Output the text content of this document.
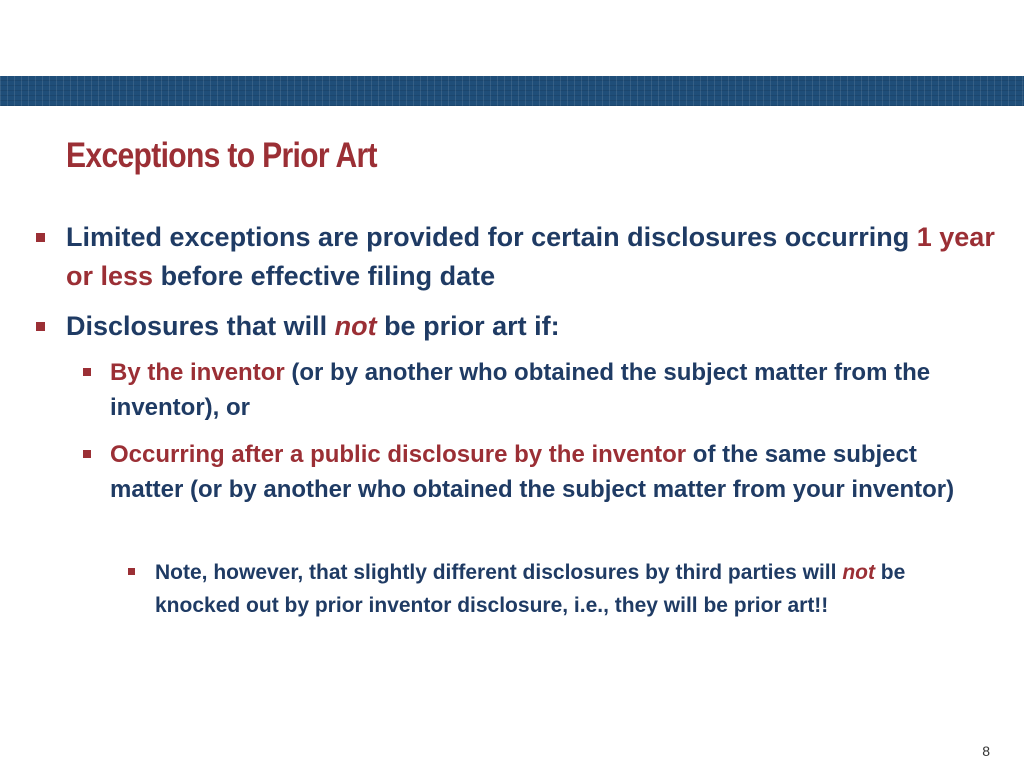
Exceptions to Prior Art
Limited exceptions are provided for certain disclosures occurring 1 year or less before effective filing date
Disclosures that will not be prior art if:
By the inventor (or by another who obtained the subject matter from the inventor), or
Occurring after a public disclosure by the inventor of the same subject matter (or by another who obtained the subject matter from your inventor)
Note, however, that slightly different disclosures by third parties will not be knocked out by prior inventor disclosure, i.e., they will be prior art!!
8
